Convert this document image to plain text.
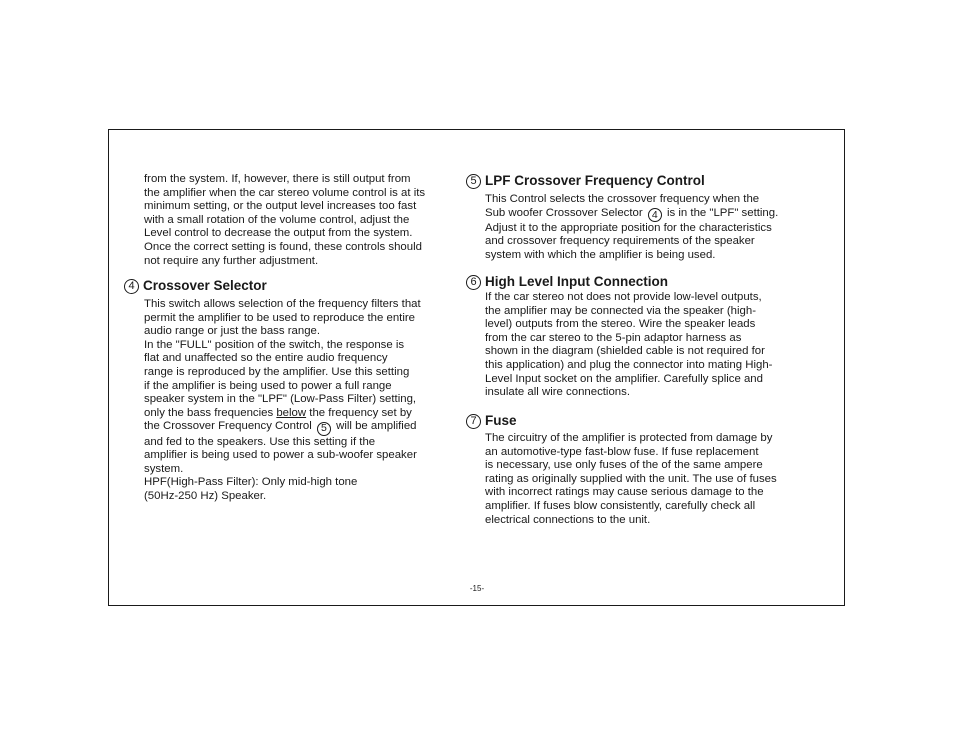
from the system. If, however, there is still output from
the amplifier when the car stereo volume control is at its
minimum setting, or the output level increases too fast
with a small rotation of the volume control, adjust the
Level control to decrease the output from the system.
Once the correct setting is found, these controls should
not require any further adjustment.
4 Crossover Selector
This switch allows selection of the frequency filters that
permit the amplifier to be used to reproduce the entire
audio range or just the bass range.
In the "FULL" position of the switch, the response is
flat and unaffected so the entire audio frequency
range is reproduced by the amplifier. Use this setting
if the amplifier is being used to power a full range
speaker system in the "LPF" (Low-Pass Filter) setting,
only the bass frequencies below the frequency set by
the Crossover Frequency Control 5 will be amplified
and fed to the speakers. Use this setting if the
amplifier is being used to power a sub-woofer speaker
system.
HPF(High-Pass Filter): Only mid-high tone
(50Hz-250 Hz) Speaker.
5 LPF Crossover Frequency Control
This Control selects the crossover frequency when the
Sub woofer Crossover Selector 4 is in the "LPF" setting.
Adjust it to the appropriate position for the characteristics
and crossover frequency requirements of the speaker
system with which the amplifier is being used.
6 High Level Input Connection
If the car stereo not does not provide low-level outputs,
the amplifier may be connected via the speaker (high-
level) outputs from the stereo. Wire the speaker leads
from the car stereo to the 5-pin adaptor harness as
shown in the diagram (shielded cable is not required for
this application) and plug the connector into mating High-
Level Input socket on the amplifier. Carefully splice and
insulate all wire connections.
7 Fuse
The circuitry of the amplifier is protected from damage by
an automotive-type fast-blow fuse. If fuse replacement
is necessary, use only fuses of the of the same ampere
rating as originally supplied with the unit. The use of fuses
with incorrect ratings may cause serious damage to the
amplifier. If fuses blow consistently, carefully check all
electrical connections to the unit.
-15-
